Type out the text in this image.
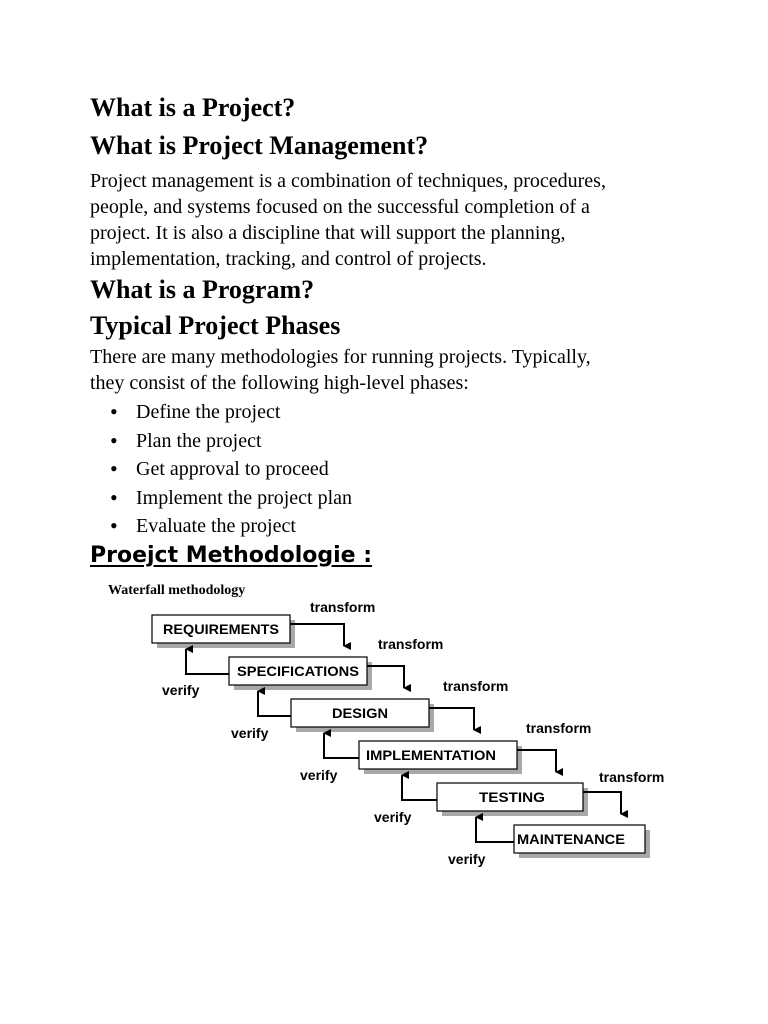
What is a Project?
What is Project Management?

Project management is a combination of techniques, procedures,
people, and systems focused on the successful completion of a
project. It is also a discipline that will support the planning,
implementation, tracking, and control of projects.

What is a Program?
Typical Project Phases

There are many methodologies for running projects. Typically,
they consist of the following high-level phases:

• Define the project
• Plan the project
• Get approval to proceed
• Implement the project plan
• Evaluate the project
Proejct Methodologie :
Waterfall methodology
REQUIREMENTS
SPECIFICATIONS
DESIGN
IMPLEMENTATION
TESTING
MAINTENANCE
transform
transform
transform
transform
transform
verify
verify
verify
verify
verify
